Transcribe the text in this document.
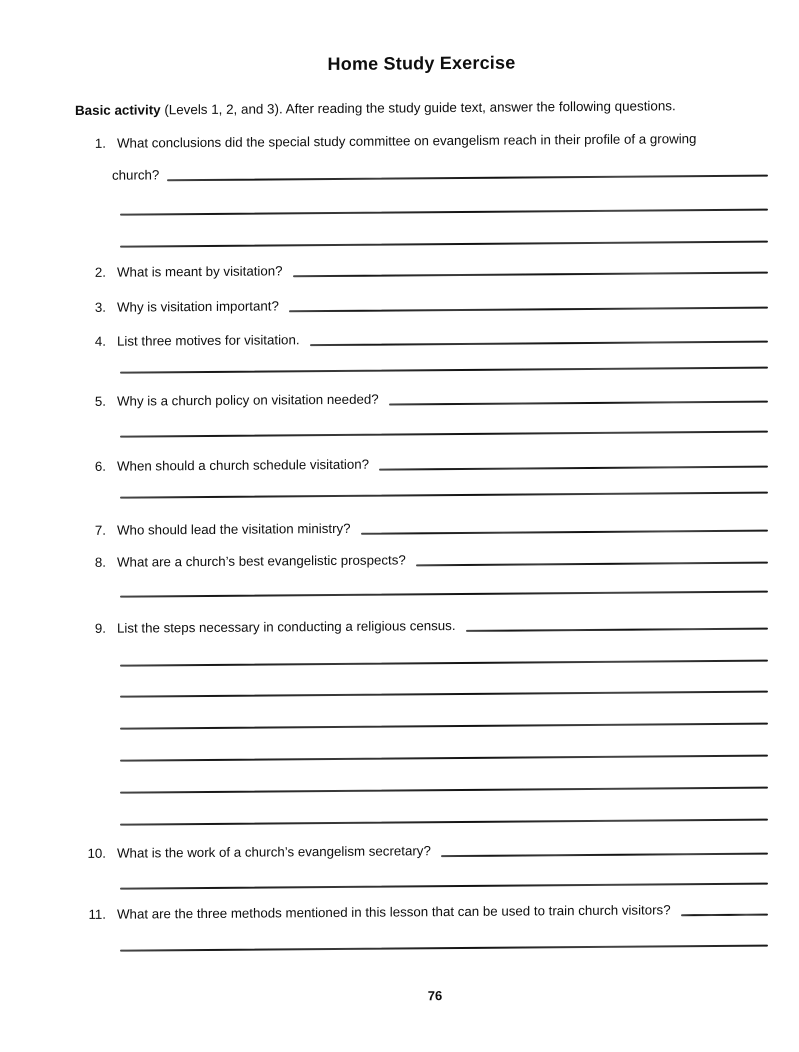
Home Study Exercise

Basic activity (Levels 1, 2, and 3). After reading the study guide text, answer the following questions.

1. What conclusions did the special study committee on evangelism reach in their profile of a growing
church?
2. What is meant by visitation?
3. Why is visitation important?
4. List three motives for visitation.
5. Why is a church policy on visitation needed?
6. When should a church schedule visitation?
7. Who should lead the visitation ministry?
8. What are a church’s best evangelistic prospects?
9. List the steps necessary in conducting a religious census.
10. What is the work of a church’s evangelism secretary?
11. What are the three methods mentioned in this lesson that can be used to train church visitors?
76
